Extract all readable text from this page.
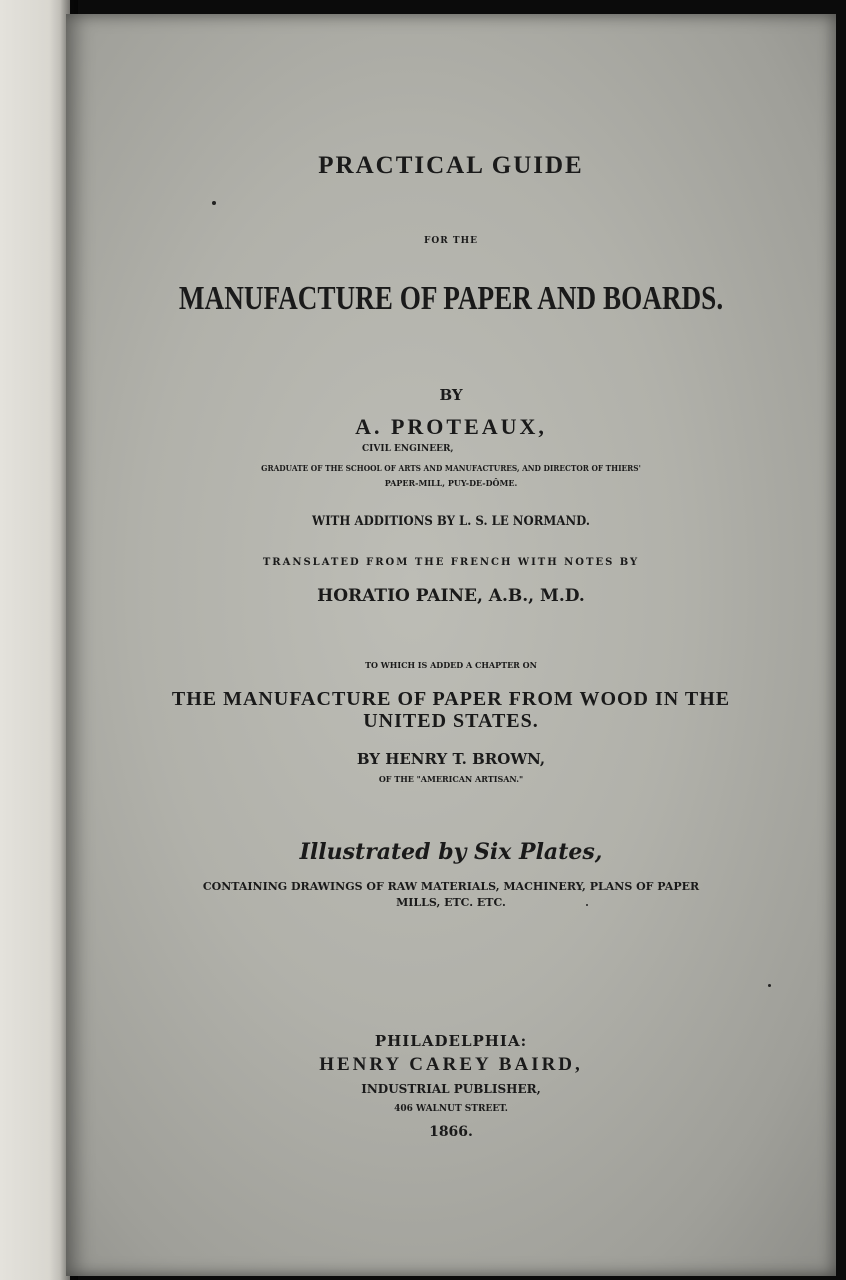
PRACTICAL GUIDE
FOR THE
MANUFACTURE OF PAPER AND BOARDS.
BY
A. PROTEAUX,
CIVIL ENGINEER,
GRADUATE OF THE SCHOOL OF ARTS AND MANUFACTURES, AND DIRECTOR OF THIERS'
PAPER-MILL, PUY-DE-DÔME.
WITH ADDITIONS BY L. S. LE NORMAND.
TRANSLATED FROM THE FRENCH WITH NOTES BY
HORATIO PAINE, A.B., M.D.
TO WHICH IS ADDED A CHAPTER ON
THE MANUFACTURE OF PAPER FROM WOOD IN THE
UNITED STATES.
BY HENRY T. BROWN,
OF THE "AMERICAN ARTISAN."
Illustrated by Six Plates,
CONTAINING DRAWINGS OF RAW MATERIALS, MACHINERY, PLANS OF PAPER
MILLS, ETC. ETC.
PHILADELPHIA:
HENRY CAREY BAIRD,
INDUSTRIAL PUBLISHER,
406 WALNUT STREET.
1866.
